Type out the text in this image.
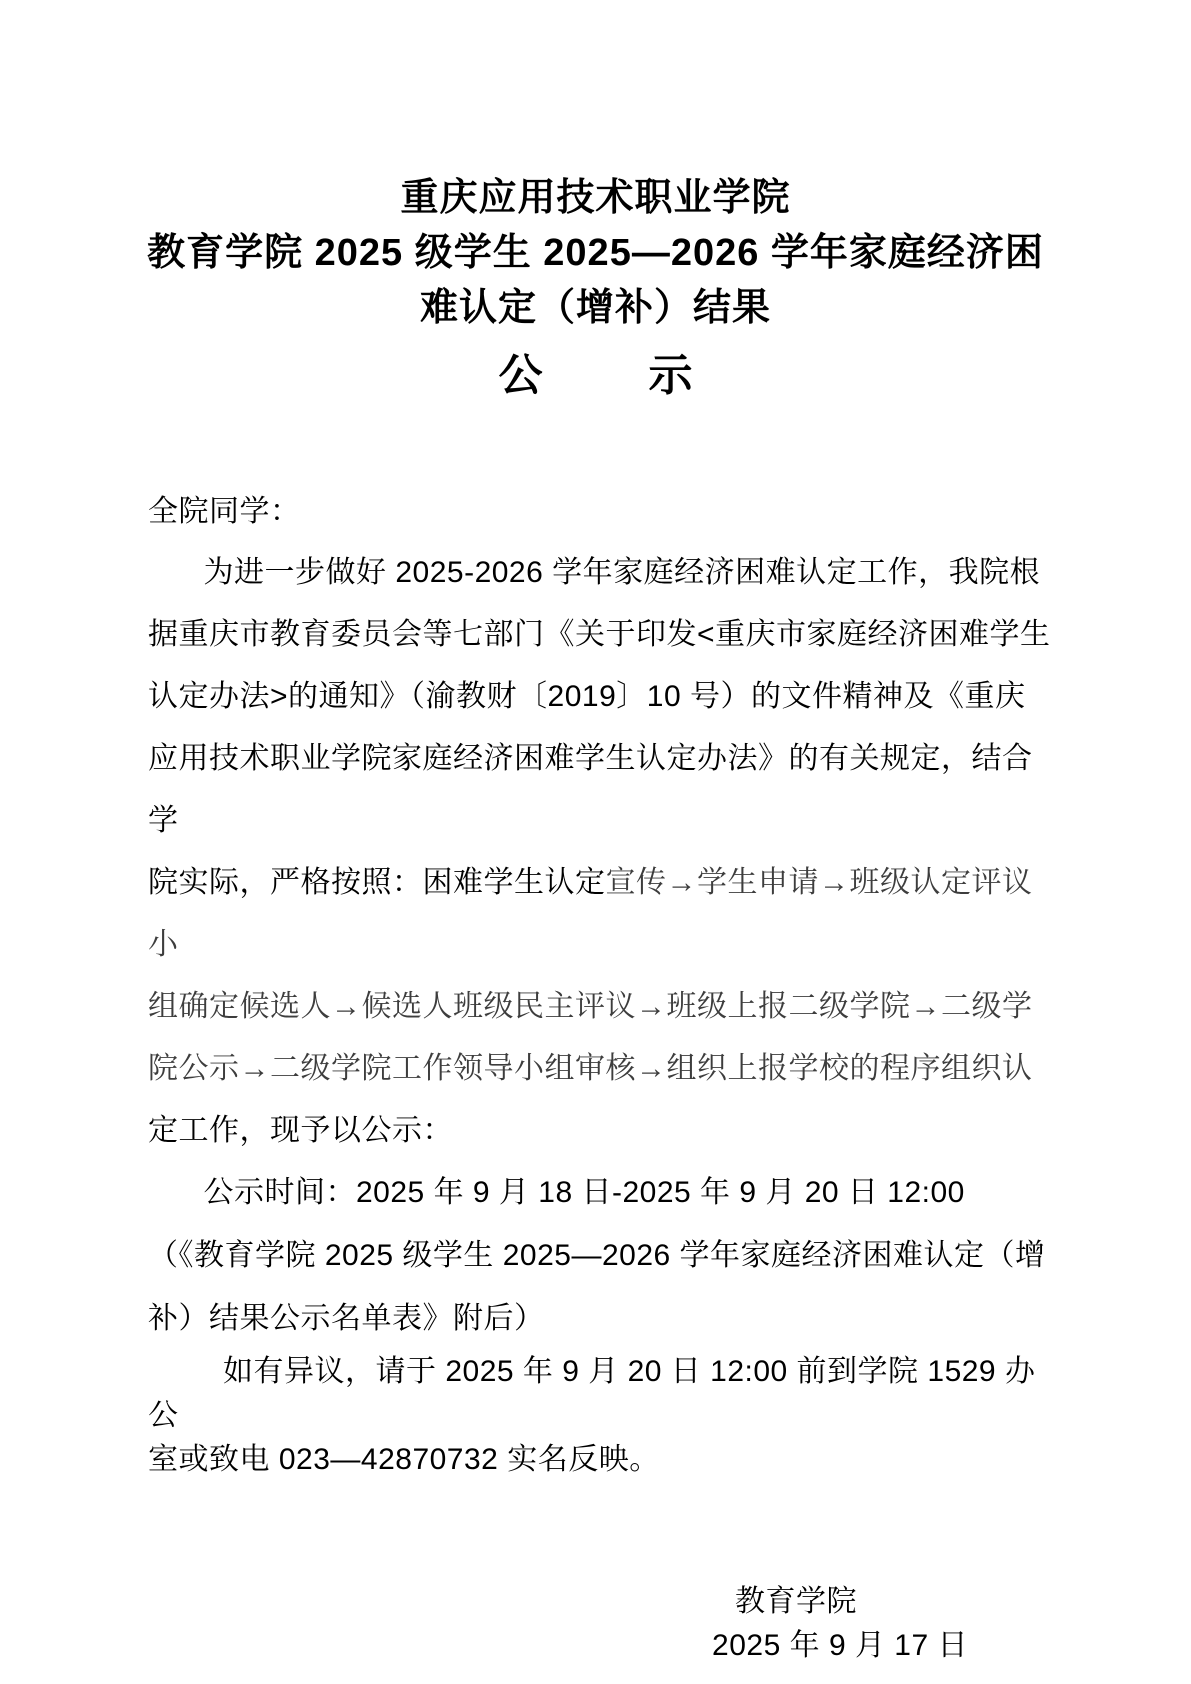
重庆应用技术职业学院
教育学院 2025 级学生 2025—2026 学年家庭经济困
难认定（增补）结果
公 示
全院同学：
为进一步做好 2025-2026 学年家庭经济困难认定工作，我院根
据重庆市教育委员会等七部门《关于印发<重庆市家庭经济困难学生
认定办法>的通知》（渝教财〔2019〕10 号）的文件精神及《重庆
应用技术职业学院家庭经济困难学生认定办法》的有关规定，结合学
院实际，严格按照：困难学生认定宣传→学生申请→班级认定评议小
组确定候选人→候选人班级民主评议→班级上报二级学院→二级学
院公示→二级学院工作领导小组审核→组织上报学校的程序组织认
定工作，现予以公示：
公示时间：2025 年 9 月 18 日-2025 年 9 月 20 日 12:00
（《教育学院 2025 级学生 2025—2026 学年家庭经济困难认定（增
补）结果公示名单表》附后）
如有异议，请于 2025 年 9 月 20 日 12:00 前到学院 1529 办公
室或致电 023—42870732 实名反映。
教育学院
2025 年 9 月 17 日
